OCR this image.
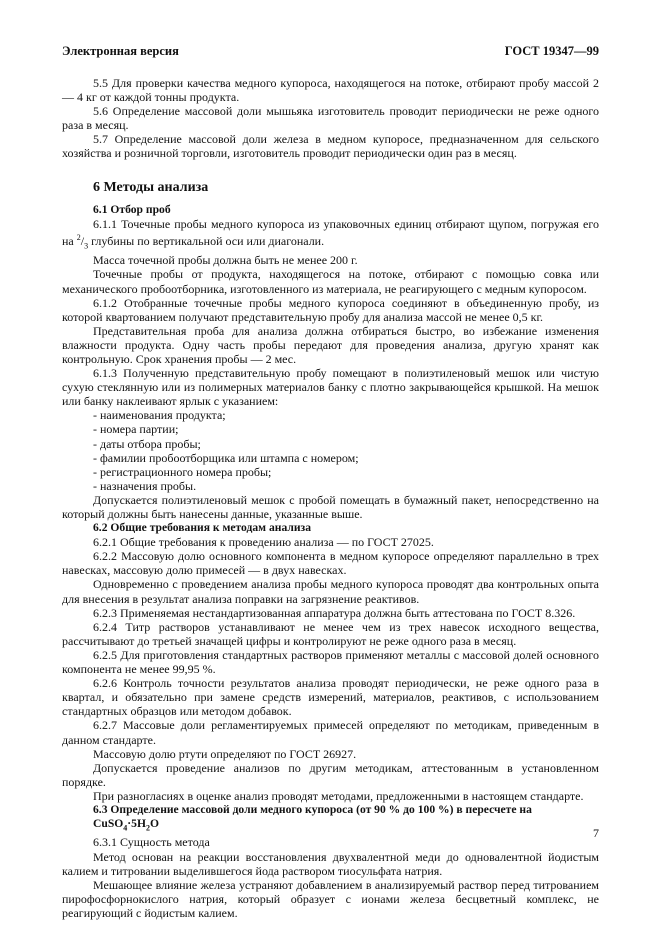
Электронная версия	ГОСТ 19347—99

5.5 Для проверки качества медного купороса, находящегося на потоке, отбирают пробу массой 2 — 4 кг от каждой тонны продукта.

5.6 Определение массовой доли мышьяка изготовитель проводит периодически не реже одного раза в месяц.

5.7 Определение массовой доли железа в медном купоросе, предназначенном для сельского хозяйства и розничной торговли, изготовитель проводит периодически один раз в месяц.

6 Методы анализа
6.1 Отбор проб

6.1.1 Точечные пробы медного купороса из упаковочных единиц отбирают щупом, погружая его на $^2/_3$ глубины по вертикальной оси или диагонали.

Масса точечной пробы должна быть не менее 200 г.

Точечные пробы от продукта, находящегося на потоке, отбирают с помощью совка или механического пробоотборника, изготовленного из материала, не реагирующего с медным купоросом.

6.1.2 Отобранные точечные пробы медного купороса соединяют в объединенную пробу, из которой квартованием получают представительную пробу для анализа массой не менее 0,5 кг.

Представительная проба для анализа должна отбираться быстро, во избежание изменения влажности продукта. Одну часть пробы передают для проведения анализа, другую хранят как контрольную. Срок хранения пробы — 2 мес.

6.1.3 Полученную представительную пробу помещают в полиэтиленовый мешок или чистую сухую стеклянную или из полимерных материалов банку с плотно закрывающейся крышкой. На мешок или банку наклеивают ярлык с указанием:

- наименования продукта;

- номера партии;

- даты отбора пробы;

- фамилии пробоотборщика или штампа с номером;

- регистрационного номера пробы;

- назначения пробы.

Допускается полиэтиленовый мешок с пробой помещать в бумажный пакет, непосредственно на который должны быть нанесены данные, указанные выше.

6.2 Общие требования к методам анализа

6.2.1 Общие требования к проведению анализа — по ГОСТ 27025.

6.2.2 Массовую долю основного компонента в медном купоросе определяют параллельно в трех навесках, массовую долю примесей — в двух навесках.

Одновременно с проведением анализа пробы медного купороса проводят два контрольных опыта для внесения в результат анализа поправки на загрязнение реактивов.

6.2.3 Применяемая нестандартизованная аппаратура должна быть аттестована по ГОСТ 8.326.

6.2.4 Титр растворов устанавливают не менее чем из трех навесок исходного вещества, рассчитывают до третьей значащей цифры и контролируют не реже одного раза в месяц.

6.2.5 Для приготовления стандартных растворов применяют металлы с массовой долей основного компонента не менее 99,95 %.

6.2.6 Контроль точности результатов анализа проводят периодически, не реже одного раза в квартал, и обязательно при замене средств измерений, материалов, реактивов, с использованием стандартных образцов или методом добавок.

6.2.7 Массовые доли регламентируемых примесей определяют по методикам, приведенным в данном стандарте.

Массовую долю ртути определяют по ГОСТ 26927.

Допускается проведение анализов по другим методикам, аттестованным в установленном порядке.

При разногласиях в оценке анализ проводят методами, предложенными в настоящем стандарте.

6.3 Определение массовой доли медного купороса (от 90 % до 100 %) в пересчете на $CuSO_4\cdot 5H_2O$

6.3.1 Сущность метода

Метод основан на реакции восстановления двухвалентной меди до одновалентной йодистым калием и титровании выделившегося йода раствором тиосульфата натрия.

Мешающее влияние железа устраняют добавлением в анализируемый раствор перед титрованием пирофосфорнокислого натрия, который образует с ионами железа бесцветный комплекс, не реагирующий с йодистым калием.

7
